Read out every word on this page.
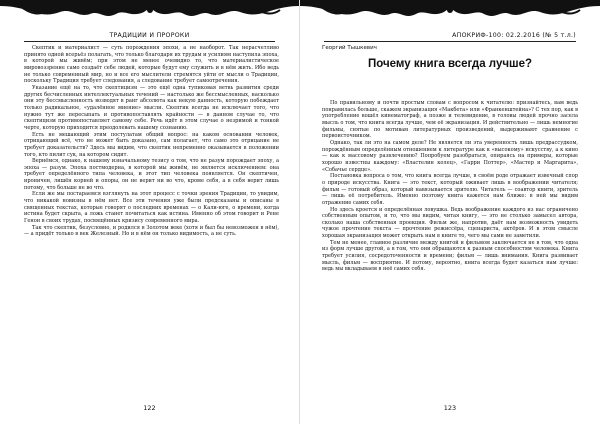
ТРАДИЦИИ И ПРОРОКИ

Скептик и материалист — суть порождения эпохи, а не наоборот. Так нерасчетливо принято одной всерьёз полагать, что только благодаря их трудам и усилиям наступила эпоха, в которой мы живём; при этом не менее очевидно то, что материалистическое мировоззрение само создаёт себе людей, которые будут ему служить и в нём жить. Ибо ведь не только современный мир, но и все его мыслители стремятся уйти от мысли о Традиции, поскольку Традиция требует следования, а следование требует самоотречения.

Указание ещё на то, что скептицизм — это ещё одна тупиковая ветвь развития среди других бесчисленных интеллектуальных течений — настолько же бессмысленных, насколько они эту бессмысленность возводят в ранг абсолюта как некую данность, которую побеждает только радикальное, «удалённое мнение» мысли. Скептик всегда не исключает того, что нужно тут же пересыпать и противопоставлять крайности — в данном случае то, что скептицизм противопоставляет самому себе. Речь идёт в этом случае о незримой и тонкой черте, которую приходится преодолевать нашему сознанию.

Есть не мешающий этим постулатам общий вопрос: на каком основании человек, отрицающий всё, что не может быть доказано, сам полагает, что само это отрицание не требует доказательств? Здесь мы видим, что скептик непременно оказывается в положении того, кто пилит сук, на котором сидит.

Вернёмся, однако, к нашему изначальному тезису о том, что не разум порождает эпоху, а эпоха — разум. Эпоха постмодерна, в которой мы живём, не является исключением: она требует определённого типа человека, и этот тип человека появляется. Он скептичен, ироничен, лишён корней и опоры, он не верит ни во что, кроме себя, а в себя верит лишь потому, что больше не во что.

Если же мы постараемся взглянуть на этот процесс с точки зрения Традиции, то увидим, что никакой новизны в нём нет. Все эти течения уже были предсказаны и описаны в священных текстах, которые говорят о последних временах — о Кали-юге, о времени, когда истина будет скрыта, а ложь станет почитаться как истина. Именно об этом говорит и Рене Генон в своих трудах, посвящённых кризису современного мира.

Так что скептик, безусловно, и родился в Золотом веке (хотя и был бы невозможен в нём), — а придёт только в век Железный. Но и в нём он только видимость, а не суть.

122
АПОКРИФ-100: 02.2.2016 (№ 5 т.л.)
Георгий Тышкевич
Почему книга всегда лучше?

По правильному и почти простым словам с вопросом к читателю: признайтесь, вам ведь понравилась больше, скажем экранизация «Макбета» или «Франкенштейна»? С тех пор, как в употребление вошёл кинематограф, а позже и телевидение, в головы людей прочно засела мысль о том, что книга всегда лучше, чем её экранизация. И действительно — лишь немногие фильмы, снятые по мотивам литературных произведений, выдерживают сравнение с первоисточником.

Однако, так ли это на самом деле? Не является ли эта уверенность лишь предрассудком, порождённым определённым отношением к литературе как к «высокому» искусству, а к кино — как к массовому развлечению? Попробуем разобраться, опираясь на примеры, которые хорошо известны каждому: «Властелин колец», «Гарри Поттер», «Мастер и Маргарита», «Собачье сердце».

Постановка вопроса о том, что книга всегда лучше, в своём роде отражает извечный спор о природе искусства. Книга — это текст, который оживает лишь в воображении читателя; фильм — готовый образ, который навязывается зрителю. Читатель — соавтор книги, зритель — лишь её потребитель. Именно поэтому книга кажется нам ближе: в ней мы видим отражение самих себя.

Но здесь кроется и определённая ловушка. Ведь воображение каждого из нас ограничено собственным опытом, и то, что мы видим, читая книгу, — это не столько замысел автора, сколько наша собственная проекция. Фильм же, напротив, даёт нам возможность увидеть чужое прочтение текста — прочтение режиссёра, сценариста, актёров. И в этом смысле хорошая экранизация может открыть нам в книге то, чего мы сами не заметили.

Тем не менее, главное различие между книгой и фильмом заключается не в том, что одна из форм лучше другой, а в том, что они обращаются к разным способностям человека. Книга требует усилия, сосредоточенности и времени; фильм — лишь внимания. Книга развивает мысль, фильм — восприятие. И потому, вероятно, книга всегда будет казаться нам лучше: ведь мы вкладываем в неё самих себя.

123
